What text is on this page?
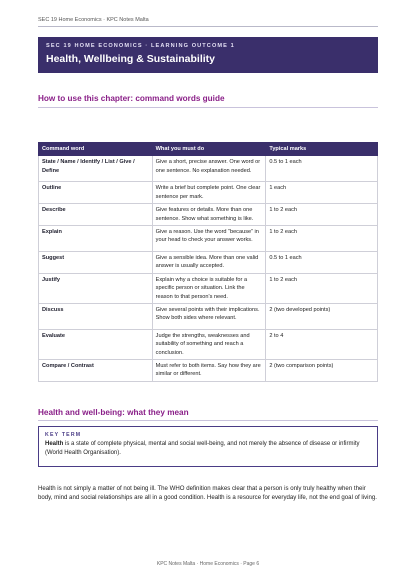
SEC 19 Home Economics · KPC Notes Malta
SEC 19 HOME ECONOMICS · LEARNING OUTCOME 1
Health, Wellbeing & Sustainability
How to use this chapter: command words guide
Command word	What you must do	Typical marks
State / Name / Identify / List / Give / Define	Give a short, precise answer. One word or one sentence. No explanation needed.	0.5 to 1 each
Outline	Write a brief but complete point. One clear sentence per mark.	1 each
Describe	Give features or details. More than one sentence. Show what something is like.	1 to 2 each
Explain	Give a reason. Use the word “because” in your head to check your answer works.	1 to 2 each
Suggest	Give a sensible idea. More than one valid answer is usually accepted.	0.5 to 1 each
Justify	Explain why a choice is suitable for a specific person or situation. Link the reason to that person's need.	1 to 2 each
Discuss	Give several points with their implications. Show both sides where relevant.	2 (two developed points)
Evaluate	Judge the strengths, weaknesses and suitability of something and reach a conclusion.	2 to 4
Compare / Contrast	Must refer to both items. Say how they are similar or different.	2 (two comparison points)
Health and well-being: what they mean
KEY TERM
Health is a state of complete physical, mental and social well-being, and not merely the absence of disease or infirmity (World Health Organisation).
Health is not simply a matter of not being ill. The WHO definition makes clear that a person is only truly healthy when their body, mind and social relationships are all in a good condition. Health is a resource for everyday life, not the end goal of living.
KPC Notes Malta · Home Economics · Page 6
